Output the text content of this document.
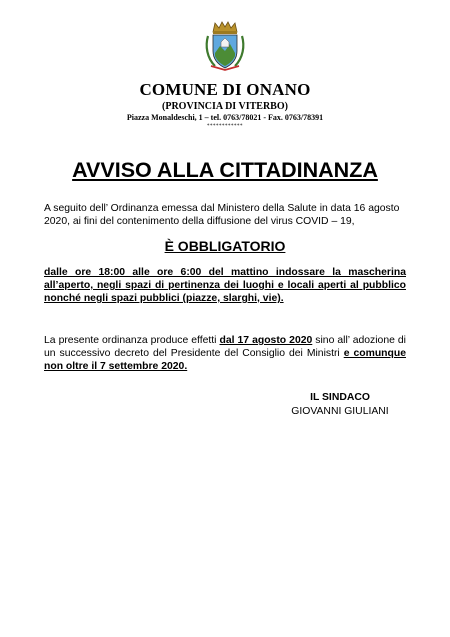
COMUNE DI ONANO
(PROVINCIA DI VITERBO)
Piazza Monaldeschi, 1 – tel. 0763/78021 - Fax. 0763/78391
************
AVVISO ALLA CITTADINANZA
A seguito dell’ Ordinanza emessa dal Ministero della Salute in data 16 agosto 2020, ai fini del contenimento della diffusione del virus COVID – 19,
È OBBLIGATORIO
dalle ore 18:00 alle ore 6:00 del mattino indossare la mascherina all’aperto, negli spazi di pertinenza dei luoghi e locali aperti al pubblico nonché negli spazi pubblici (piazze, slarghi, vie).
La presente ordinanza produce effetti dal 17 agosto 2020 sino all’ adozione di un successivo decreto del Presidente del Consiglio dei Ministri e comunque non oltre il 7 settembre 2020.
IL SINDACO
GIOVANNI GIULIANI
